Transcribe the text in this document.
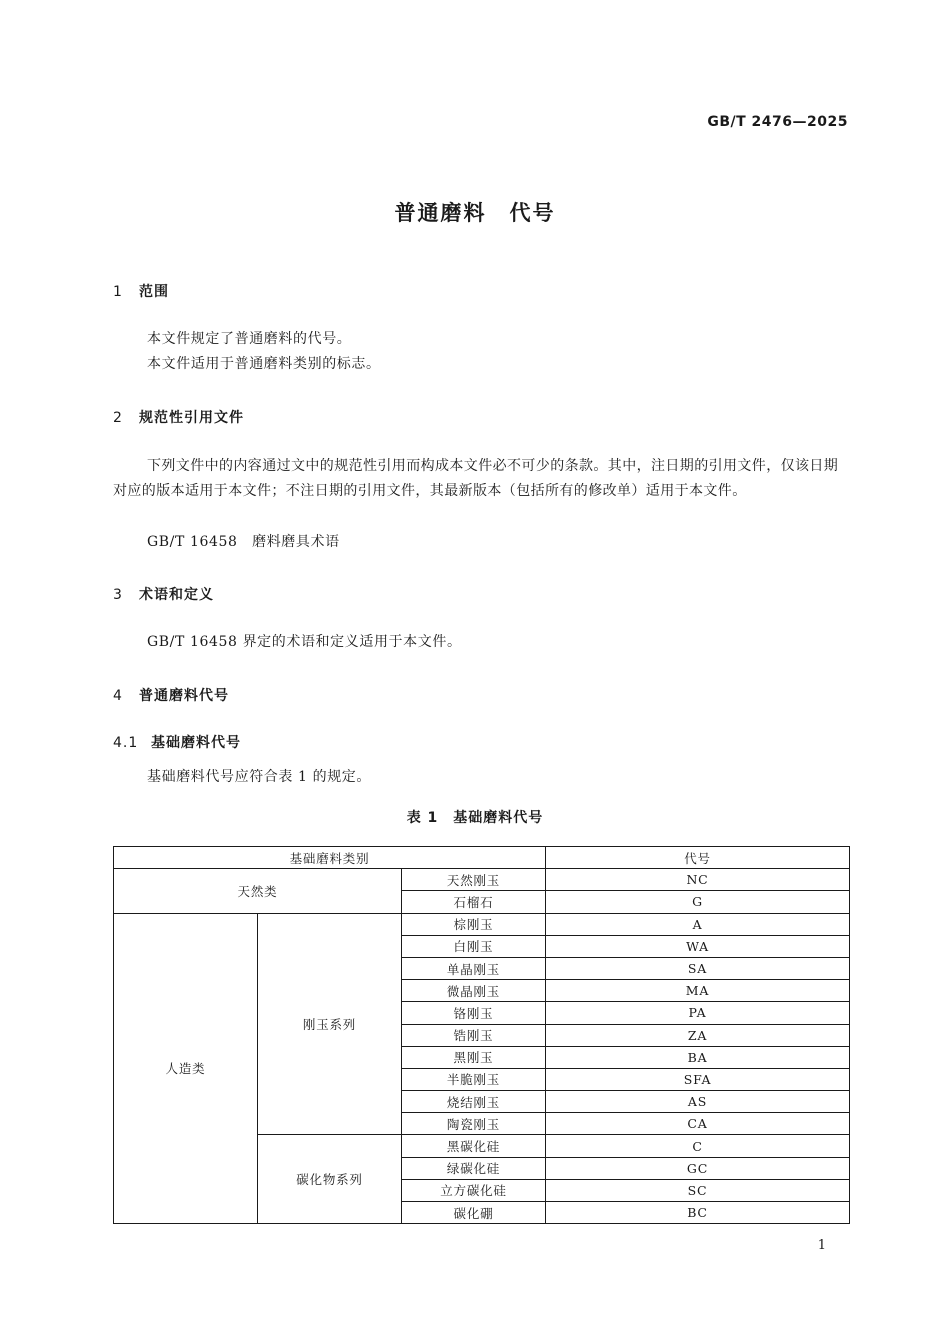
GB/T 2476—2025
普通磨料　代号
1 范围
本文件规定了普通磨料的代号。
本文件适用于普通磨料类别的标志。
2 规范性引用文件
下列文件中的内容通过文中的规范性引用而构成本文件必不可少的条款。其中，注日期的引用文件，仅该日期对应的版本适用于本文件；不注日期的引用文件，其最新版本（包括所有的修改单）适用于本文件。
GB/T 16458　磨料磨具术语
3 术语和定义
GB/T 16458 界定的术语和定义适用于本文件。
4 普通磨料代号
4.1 基础磨料代号
基础磨料代号应符合表 1 的规定。
表 1　基础磨料代号
基础磨料类别			代号
天然类		天然刚玉	NC
		石榴石	G
人造类	刚玉系列	棕刚玉	A
		白刚玉	WA
		单晶刚玉	SA
		微晶刚玉	MA
		铬刚玉	PA
		锆刚玉	ZA
		黑刚玉	BA
		半脆刚玉	SFA
		烧结刚玉	AS
		陶瓷刚玉	CA
	碳化物系列	黑碳化硅	C
		绿碳化硅	GC
		立方碳化硅	SC
		碳化硼	BC
1
